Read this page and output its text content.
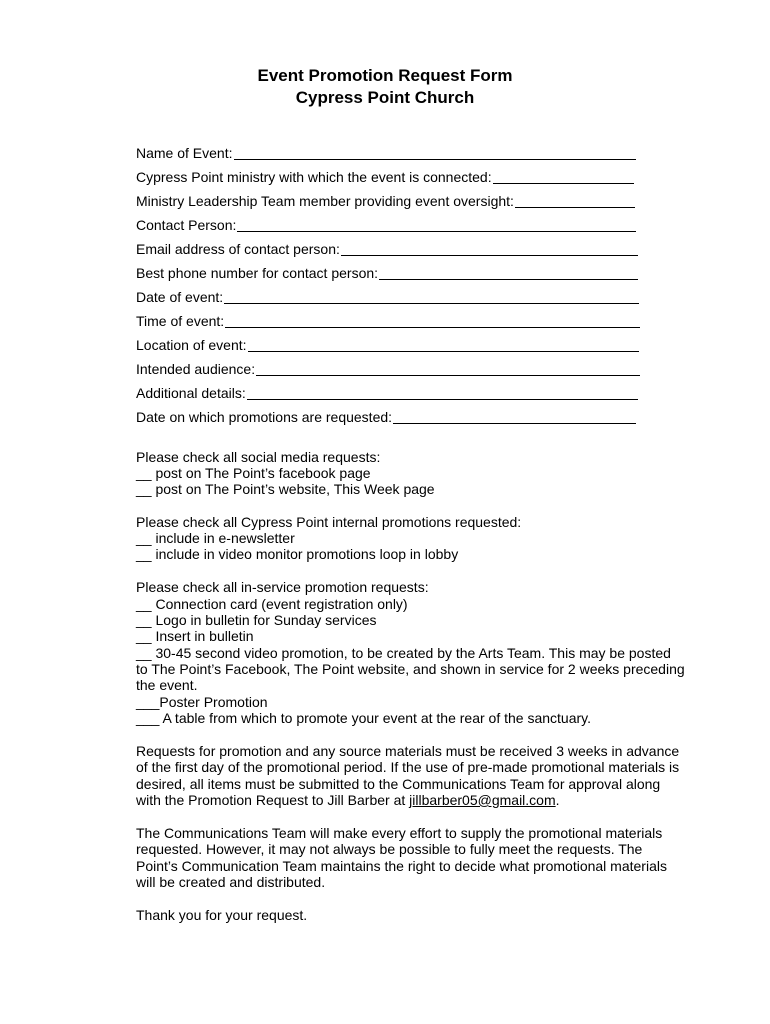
Event Promotion Request Form
Cypress Point Church
Name of Event:
Cypress Point ministry with which the event is connected:
Ministry Leadership Team member providing event oversight:
Contact Person:
Email address of contact person:
Best phone number for contact person:
Date of event:
Time of event:
Location of event:
Intended audience:
Additional details:
Date on which promotions are requested:
Please check all social media requests:
__ post on The Point’s facebook page
__ post on The Point’s website, This Week page
Please check all Cypress Point internal promotions requested:
__ include in e-newsletter
__ include in video monitor promotions loop in lobby
Please check all in-service promotion requests:
__ Connection card (event registration only)
__ Logo in bulletin for Sunday services
__ Insert in bulletin
__ 30-45 second video promotion, to be created by the Arts Team. This may be posted
to The Point’s Facebook, The Point website, and shown in service for 2 weeks preceding
the event.
___Poster Promotion
___ A table from which to promote your event at the rear of the sanctuary.
Requests for promotion and any source materials must be received 3 weeks in advance
of the first day of the promotional period. If the use of pre-made promotional materials is
desired, all items must be submitted to the Communications Team for approval along
with the Promotion Request to Jill Barber at jillbarber05@gmail.com.
The Communications Team will make every effort to supply the promotional materials
requested. However, it may not always be possible to fully meet the requests. The
Point’s Communication Team maintains the right to decide what promotional materials
will be created and distributed.
Thank you for your request.
